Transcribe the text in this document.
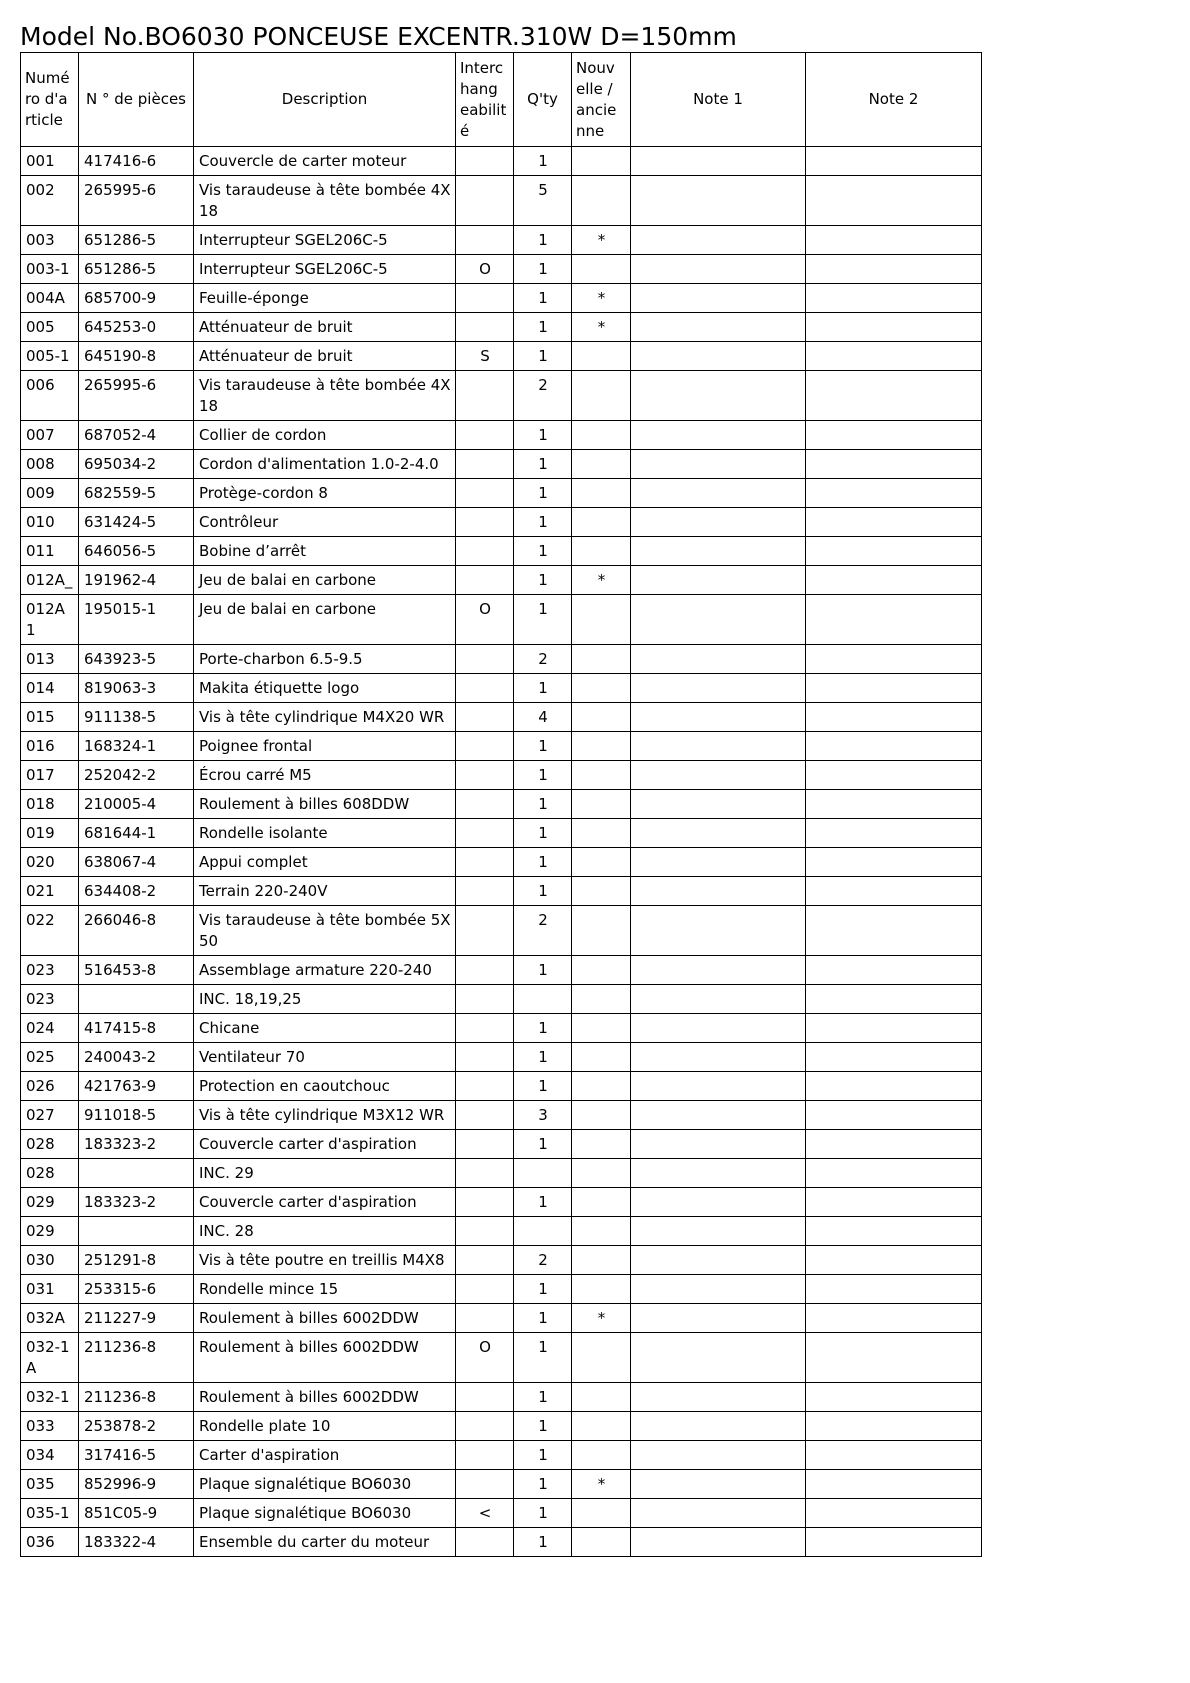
Model No.BO6030 PONCEUSE EXCENTR.310W D=150mm
Numé ro d'a rticle	N ° de pièces	Description	Interc hang eabilit é	Q'ty	Nouv elle / ancie nne	Note 1	Note 2
001	417416-6	Couvercle de carter moteur		1			
002	265995-6	Vis taraudeuse à tête bombée 4X 18		5			
003	651286-5	Interrupteur SGEL206C-5		1	*		
003-1	651286-5	Interrupteur SGEL206C-5	O	1			
004A	685700-9	Feuille-éponge		1	*		
005	645253-0	Atténuateur de bruit		1	*		
005-1	645190-8	Atténuateur de bruit	S	1			
006	265995-6	Vis taraudeuse à tête bombée 4X 18		2			
007	687052-4	Collier de cordon		1			
008	695034-2	Cordon d'alimentation 1.0-2-4.0		1			
009	682559-5	Protège-cordon 8		1			
010	631424-5	Contrôleur		1			
011	646056-5	Bobine d’arrêt		1			
012A_	191962-4	Jeu de balai en carbone		1	*		
012A1	195015-1	Jeu de balai en carbone	O	1			
013	643923-5	Porte-charbon 6.5-9.5		2			
014	819063-3	Makita étiquette logo		1			
015	911138-5	Vis à tête cylindrique M4X20 WR		4			
016	168324-1	Poignee frontal		1			
017	252042-2	Écrou carré M5		1			
018	210005-4	Roulement à billes 608DDW		1			
019	681644-1	Rondelle isolante		1			
020	638067-4	Appui complet		1			
021	634408-2	Terrain 220-240V		1			
022	266046-8	Vis taraudeuse à tête bombée 5X 50		2			
023	516453-8	Assemblage armature 220-240		1			
023		INC. 18,19,25					
024	417415-8	Chicane		1			
025	240043-2	Ventilateur 70		1			
026	421763-9	Protection en caoutchouc		1			
027	911018-5	Vis à tête cylindrique M3X12 WR		3			
028	183323-2	Couvercle carter d'aspiration		1			
028		INC. 29					
029	183323-2	Couvercle carter d'aspiration		1			
029		INC. 28					
030	251291-8	Vis à tête poutre en treillis M4X8		2			
031	253315-6	Rondelle mince 15		1			
032A	211227-9	Roulement à billes 6002DDW		1	*		
032-1 A	211236-8	Roulement à billes 6002DDW	O	1			
032-1	211236-8	Roulement à billes 6002DDW		1			
033	253878-2	Rondelle plate 10		1			
034	317416-5	Carter d'aspiration		1			
035	852996-9	Plaque signalétique BO6030		1	*		
035-1	851C05-9	Plaque signalétique BO6030	<	1			
036	183322-4	Ensemble du carter du moteur		1			
